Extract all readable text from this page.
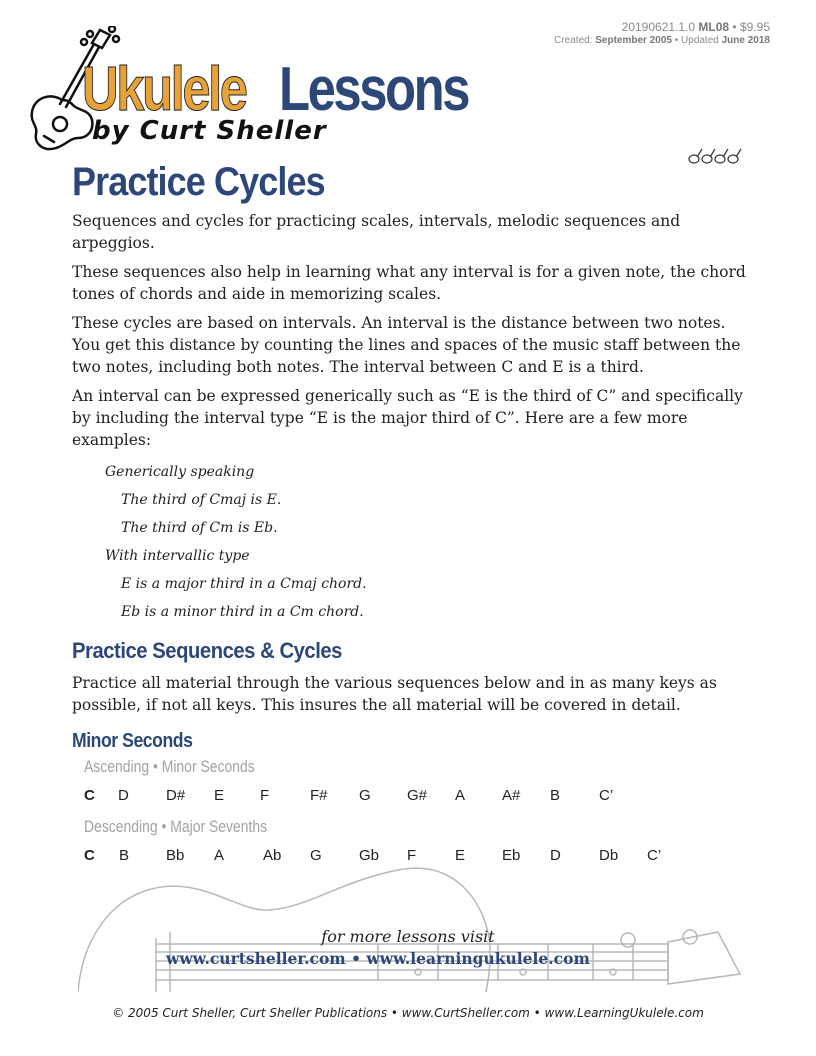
20190621.1.0 ML08 • $9.95
Created: September 2005 • Updated June 2018
Ukulele Lessons
by Curt Sheller
Practice Cycles

Sequences and cycles for practicing scales, intervals, melodic sequences and arpeggios.

These sequences also help in learning what any interval is for a given note, the chord tones of chords and aide in memorizing scales.

These cycles are based on intervals. An interval is the distance between two notes. You get this distance by counting the lines and spaces of the music staff between the two notes, including both notes. The interval between C and E is a third.

An interval can be expressed generically such as “E is the third of C” and specifically by including the interval type “E is the major third of C”. Here are a few more examples:

Generically speaking
The third of Cmaj is E.
The third of Cm is Eb.
With intervallic type
E is a major third in a Cmaj chord.
Eb is a minor third in a Cm chord.
Practice Sequences & Cycles

Practice all material through the various sequences below and in as many keys as possible, if not all keys. This insures the all material will be covered in detail.

Minor Seconds
Ascending • Minor Seconds
C D D# E F	F# G G# A A# B	C’
Descending • Major Sevenths
C B Bb A	Ab G Gb F	E Eb D	Db C’
for more lessons visit
www.curtsheller.com • www.learningukulele.com
© 2005 Curt Sheller, Curt Sheller Publications • www.CurtSheller.com • www.LearningUkulele.com
